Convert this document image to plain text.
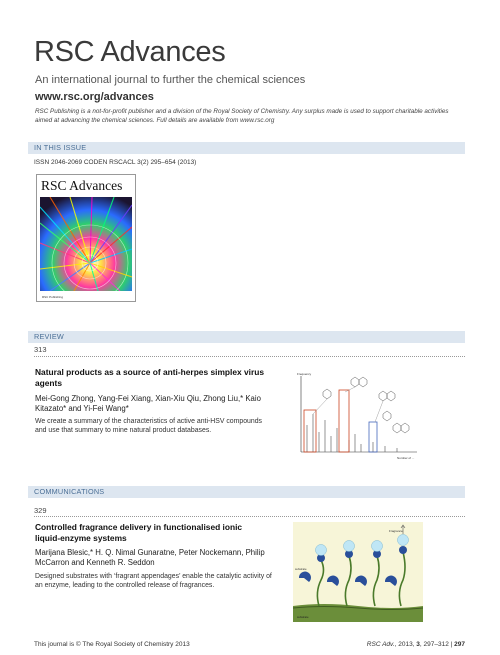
RSC Advances
An international journal to further the chemical sciences
www.rsc.org/advances
RSC Publishing is a not-for-profit publisher and a division of the Royal Society of Chemistry. Any surplus made is used to support charitable activities aimed at advancing the chemical sciences. Full details are available from www.rsc.org
IN THIS ISSUE
ISSN 2046-2069 CODEN RSCACL 3(2) 295–654 (2013)
RSC Advances
RSC Publishing
REVIEW
313
Natural products as a source of anti-herpes simplex virus agents
Mei-Gong Zhong, Yang-Fei Xiang, Xian-Xiu Qiu, Zhong Liu,* Kaio Kitazato* and Yi-Fei Wang*
We create a summary of the characteristics of active anti-HSV compounds and use that summary to mine natural product databases.
Frequency
Number of ...
COMMUNICATIONS
329
Controlled fragrance delivery in functionalised ionic liquid-enzyme systems
Marijana Blesic,* H. Q. Nimal Gunaratne, Peter Nockemann, Philip McCarron and Kenneth R. Seddon
Designed substrates with ‘fragrant appendages’ enable the catalytic activity of an enzyme, leading to the controlled release of fragrances.
Fragrance
substrate
substrate
This journal is © The Royal Society of Chemistry 2013	RSC Adv., 2013, 3, 297–312 | 297
